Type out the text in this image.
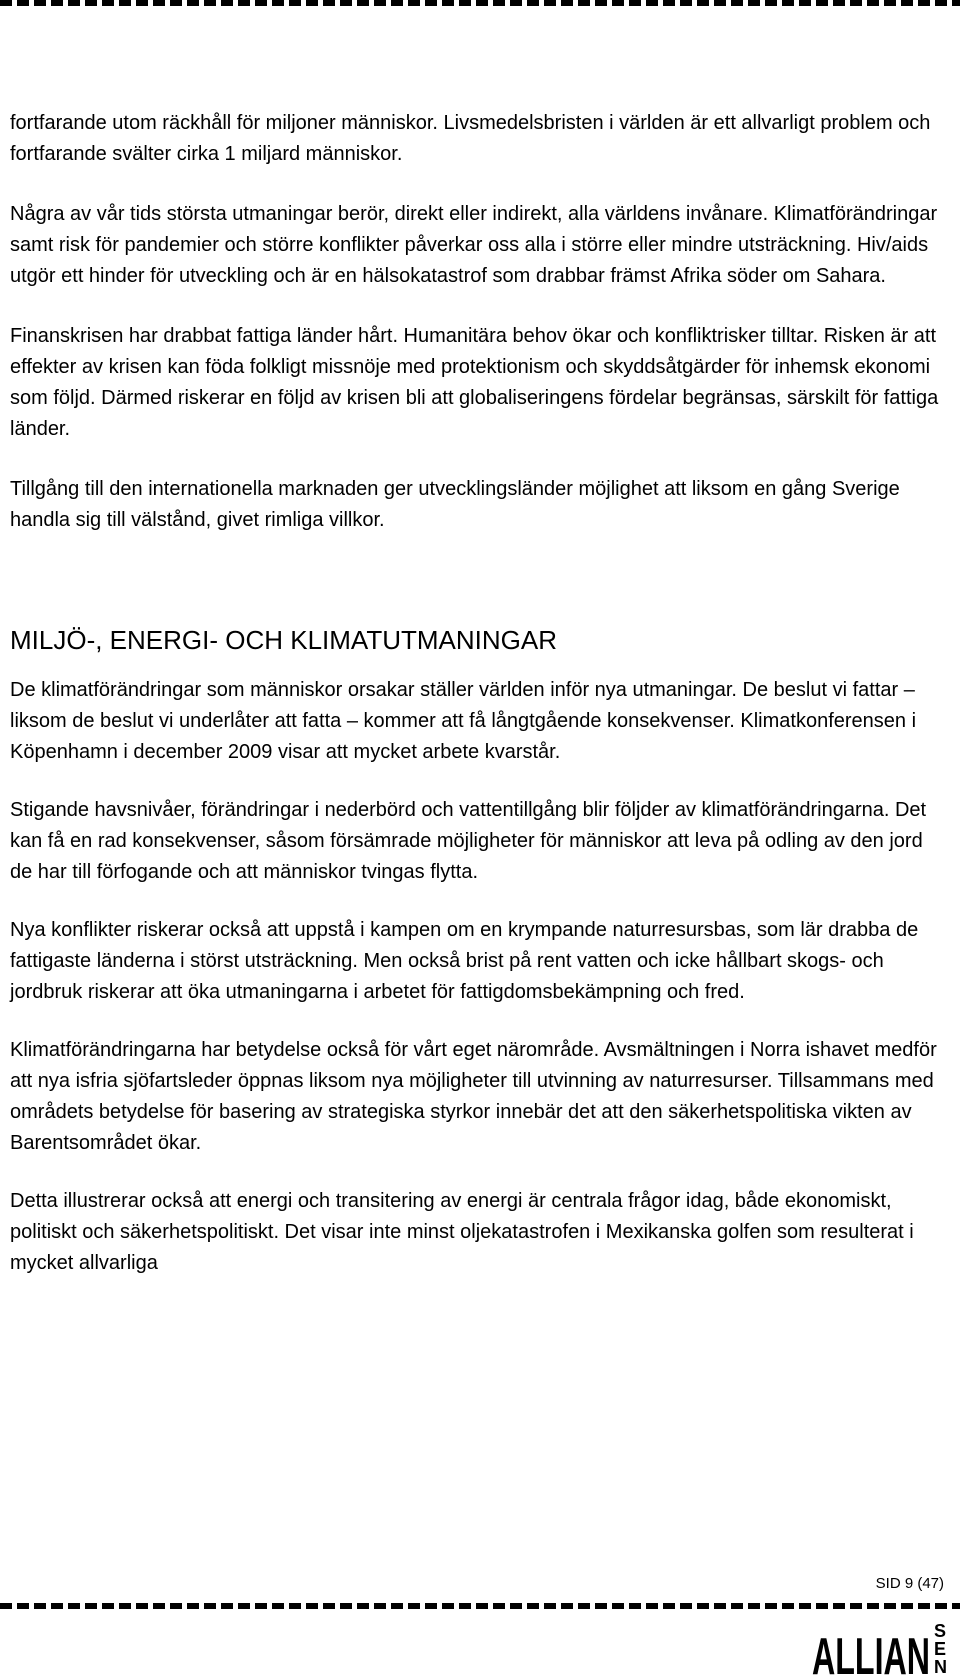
fortfarande utom räckhåll för miljoner människor. Livsmedelsbristen i världen är ett allvarligt problem och fortfarande svälter cirka 1 miljard människor.

Några av vår tids största utmaningar berör, direkt eller indirekt, alla världens invånare. Klimatförändringar samt risk för pandemier och större konflikter påverkar oss alla i större eller mindre utsträckning. Hiv/aids utgör ett hinder för utveckling och är en hälsokatastrof som drabbar främst Afrika söder om Sahara.

Finanskrisen har drabbat fattiga länder hårt. Humanitära behov ökar och konfliktrisker tilltar. Risken är att effekter av krisen kan föda folkligt missnöje med protektionism och skyddsåtgärder för inhemsk ekonomi som följd. Därmed riskerar en följd av krisen bli att globaliseringens fördelar begränsas, särskilt för fattiga länder.

Tillgång till den internationella marknaden ger utvecklingsländer möjlighet att liksom en gång Sverige handla sig till välstånd, givet rimliga villkor.

MILJÖ-, ENERGI- OCH KLIMATUTMANINGAR

De klimatförändringar som människor orsakar ställer världen inför nya utmaningar. De beslut vi fattar – liksom de beslut vi underlåter att fatta – kommer att få långtgående konsekvenser. Klimatkonferensen i Köpenhamn i december 2009 visar att mycket arbete kvarstår.

Stigande havsnivåer, förändringar i nederbörd och vattentillgång blir följder av klimatförändringarna. Det kan få en rad konsekvenser, såsom försämrade möjligheter för människor att leva på odling av den jord de har till förfogande och att människor tvingas flytta.

Nya konflikter riskerar också att uppstå i kampen om en krympande naturresursbas, som lär drabba de fattigaste länderna i störst utsträckning. Men också brist på rent vatten och icke hållbart skogs- och jordbruk riskerar att öka utmaningarna i arbetet för fattigdomsbekämpning och fred.

Klimatförändringarna har betydelse också för vårt eget närområde. Avsmältningen i Norra ishavet medför att nya isfria sjöfartsleder öppnas liksom nya möjligheter till utvinning av naturresurser. Tillsammans med områdets betydelse för basering av strategiska styrkor innebär det att den säkerhetspolitiska vikten av Barentsområdet ökar.

Detta illustrerar också att energi och transitering av energi är centrala frågor idag, både ekonomiskt, politiskt och säkerhetspolitiskt. Det visar inte minst oljekatastrofen i Mexikanska golfen som resulterat i mycket allvarliga

SID 9 (47)
ALLIAN S
E
N
